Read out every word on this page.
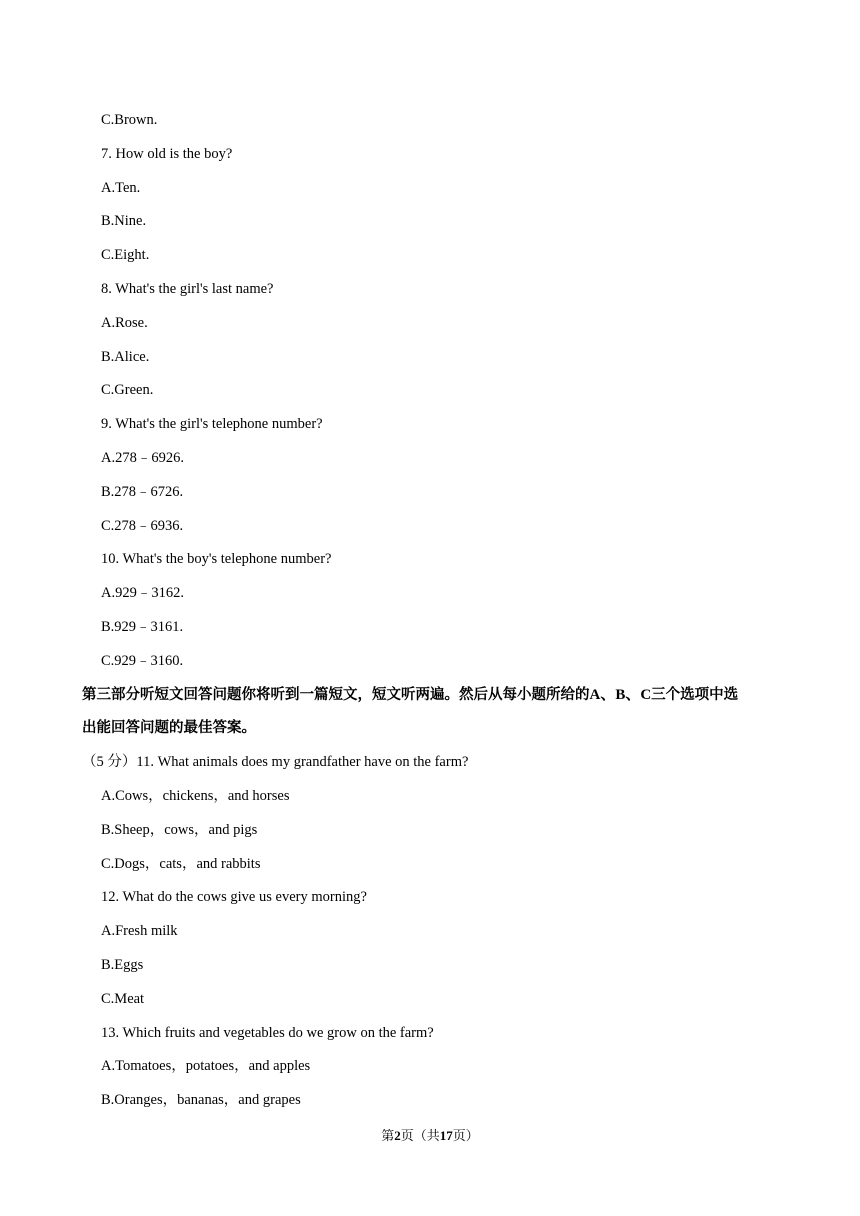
C.Brown.
7. How old is the boy?
A.Ten.
B.Nine.
C.Eight.
8. What's the girl's last name?
A.Rose.
B.Alice.
C.Green.
9. What's the girl's telephone number?
A.278﹣6926.
B.278﹣6726.
C.278﹣6936.
10. What's the boy's telephone number?
A.929﹣3162.
B.929﹣3161.
C.929﹣3160.
第三部分听短文回答问题你将听到一篇短文，短文听两遍。然后从每小题所给的A、B、C三个选项中选
出能回答问题的最佳答案。
（5 分）11. What animals does my grandfather have on the farm?
A.Cows，chickens，and horses
B.Sheep，cows，and pigs
C.Dogs，cats，and rabbits
12. What do the cows give us every morning?
A.Fresh milk
B.Eggs
C.Meat
13. Which fruits and vegetables do we grow on the farm?
A.Tomatoes，potatoes，and apples
B.Oranges，bananas，and grapes
第2页（共17页）
